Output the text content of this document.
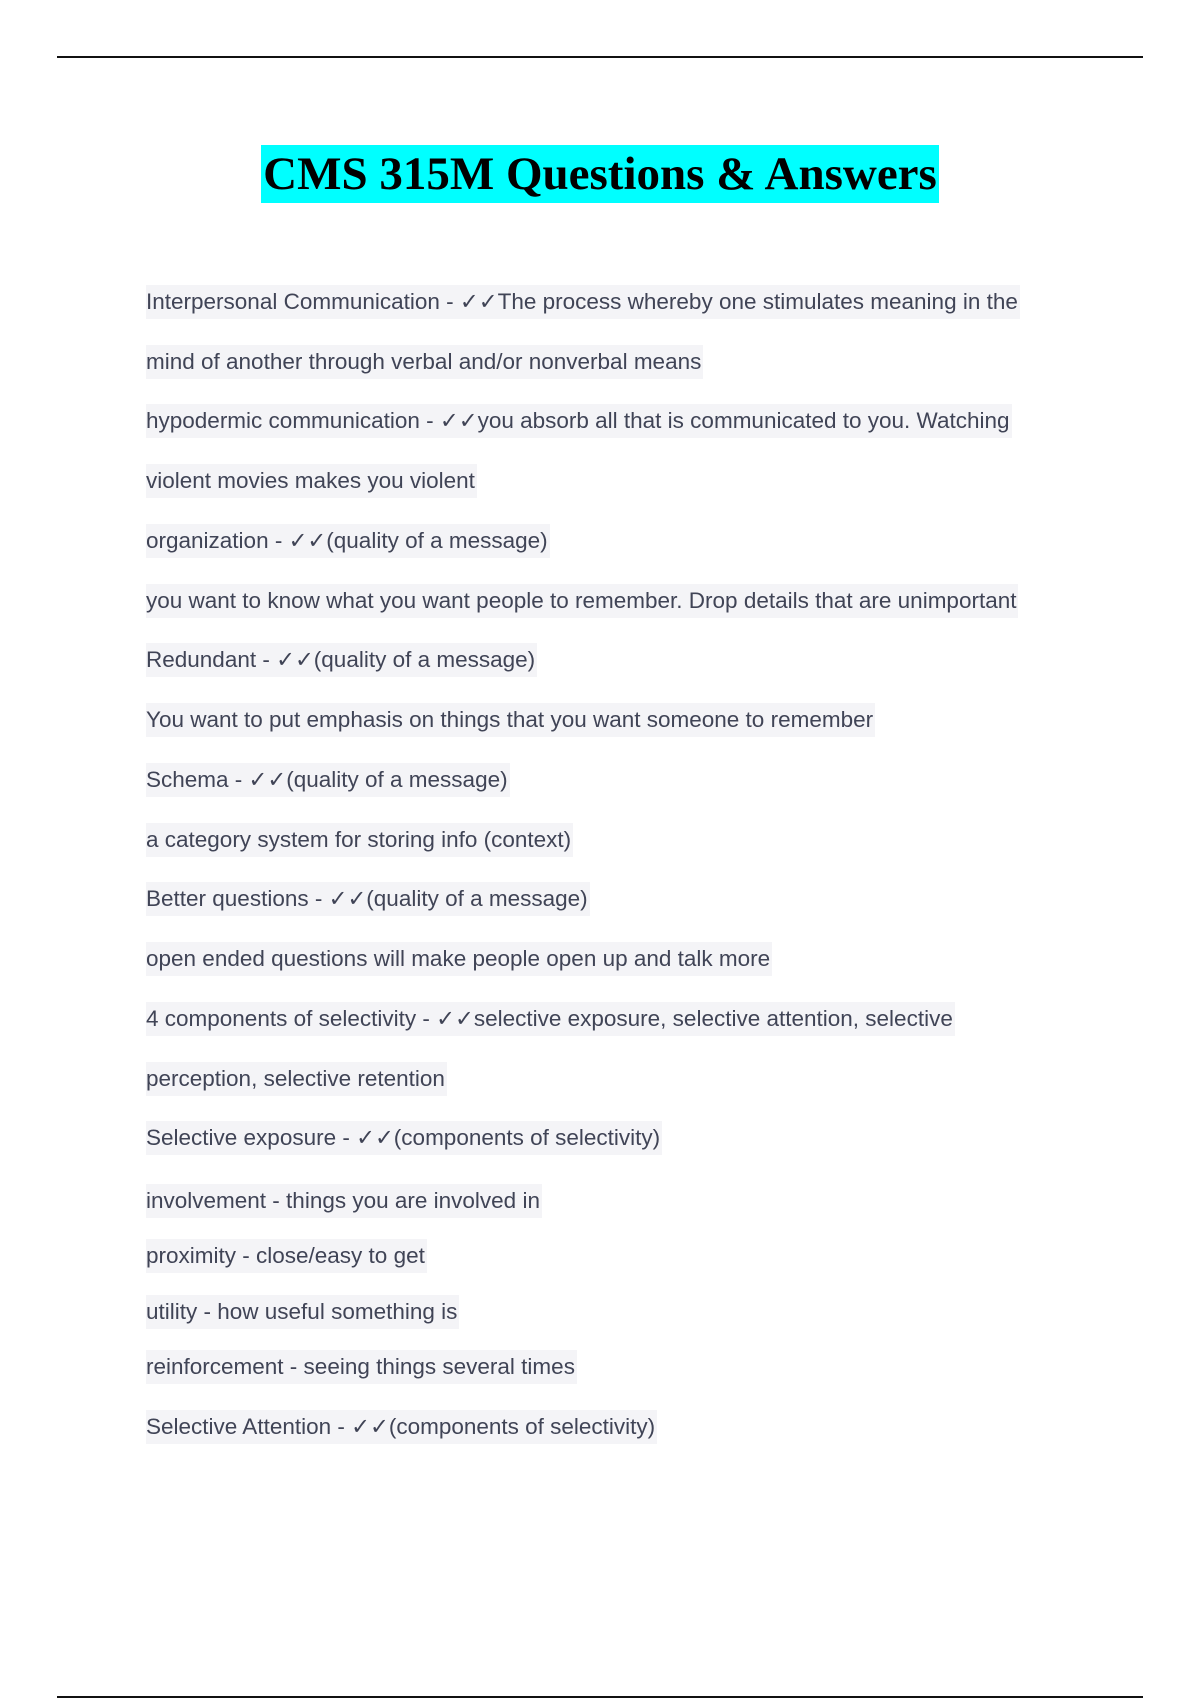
CMS 315M Questions & Answers
Interpersonal Communication - ✓✓The process whereby one stimulates meaning in the
mind of another through verbal and/or nonverbal means
hypodermic communication - ✓✓you absorb all that is communicated to you. Watching
violent movies makes you violent
organization - ✓✓(quality of a message)
you want to know what you want people to remember. Drop details that are unimportant
Redundant - ✓✓(quality of a message)
You want to put emphasis on things that you want someone to remember
Schema - ✓✓(quality of a message)
a category system for storing info (context)
Better questions - ✓✓(quality of a message)
open ended questions will make people open up and talk more
4 components of selectivity - ✓✓selective exposure, selective attention, selective
perception, selective retention
Selective exposure - ✓✓(components of selectivity)
involvement - things you are involved in
proximity - close/easy to get
utility - how useful something is
reinforcement - seeing things several times
Selective Attention - ✓✓(components of selectivity)
